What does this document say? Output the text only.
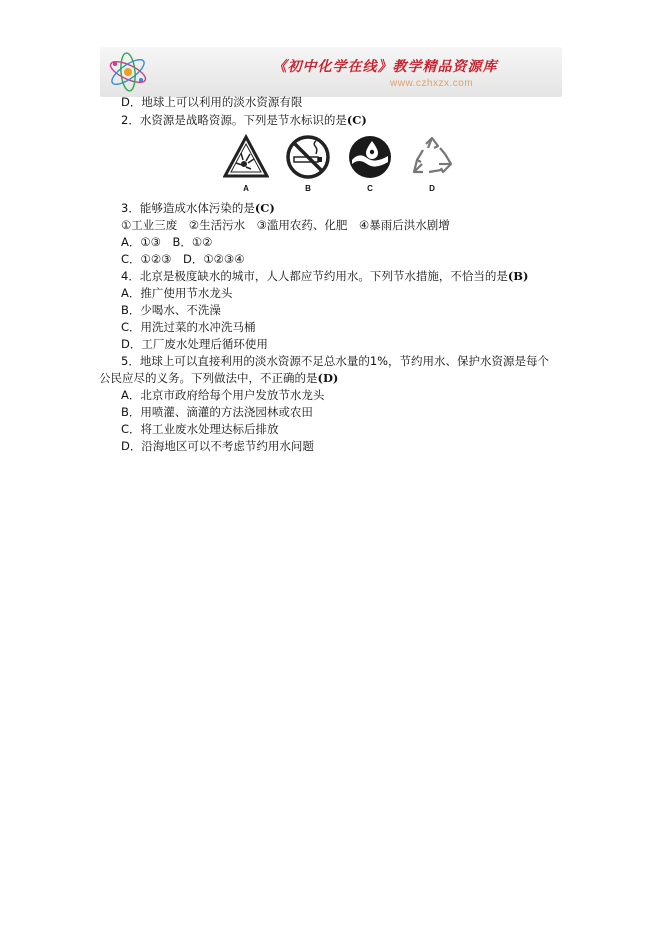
《初中化学在线》教学精品资源库
www.czhxzx.com
D．地球上可以利用的淡水资源有限
2．水资源是战略资源。下列是节水标识的是(C)
3．能够造成水体污染的是(C)
①工业三废　②生活污水　③滥用农药、化肥　④暴雨后洪水剧增
A．①③　B．①②
C．①②③　D．①②③④
4．北京是极度缺水的城市，人人都应节约用水。下列节水措施，不恰当的是(B)
A．推广使用节水龙头
B．少喝水、不洗澡
C．用洗过菜的水冲洗马桶
D．工厂废水处理后循环使用
5．地球上可以直接利用的淡水资源不足总水量的1%，节约用水、保护水资源是每个
公民应尽的义务。下列做法中，不正确的是(D)
A．北京市政府给每个用户发放节水龙头
B．用喷灌、滴灌的方法浇园林或农田
C．将工业废水处理达标后排放
D．沿海地区可以不考虑节约用水问题
A	B	C	D
